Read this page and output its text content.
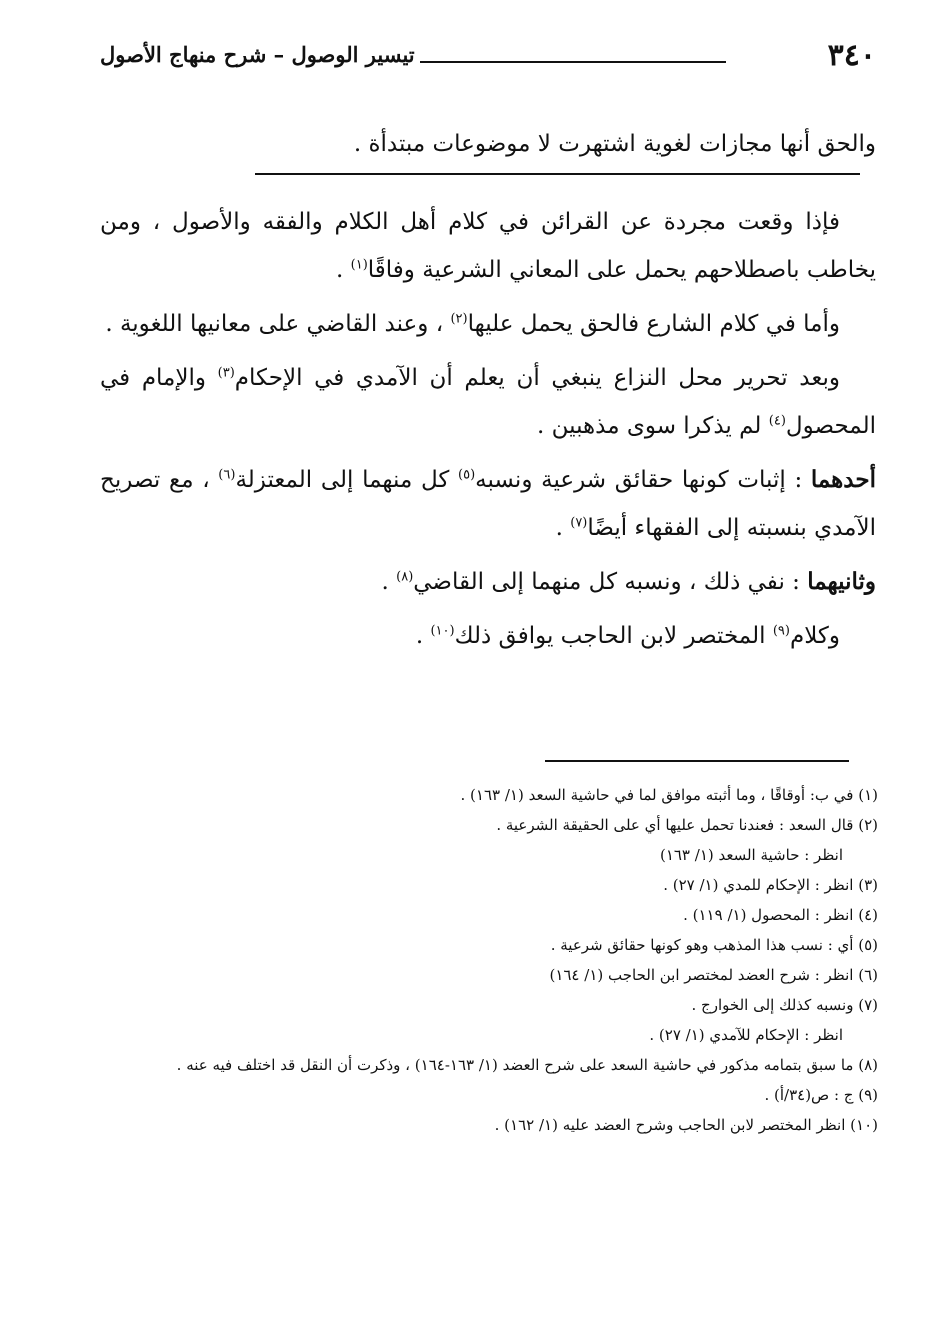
٣٤٠
تيسير الوصول – شرح منهاج الأصول

والحق أنها مجازات لغوية اشتهرت لا موضوعات مبتدأة .

فإذا وقعت مجردة عن القرائن في كلام أهل الكلام والفقه والأصول ، ومن يخاطب باصطلاحهم يحمل على المعاني الشرعية وفاقًا$^{(١)}$ .

وأما في كلام الشارع فالحق يحمل عليها$^{(٢)}$ ، وعند القاضي على معانيها اللغوية .

وبعد تحرير محل النزاع ينبغي أن يعلم أن الآمدي في الإحكام$^{(٣)}$ والإمام في المحصول$^{(٤)}$ لم يذكرا سوى مذهبين .

أحدهما : إثبات كونها حقائق شرعية ونسبه$^{(٥)}$ كل منهما إلى المعتزلة$^{(٦)}$ ، مع تصريح الآمدي بنسبته إلى الفقهاء أيضًا$^{(٧)}$ .

وثانيهما : نفي ذلك ، ونسبه كل منهما إلى القاضي$^{(٨)}$ .

وكلام$^{(٩)}$ المختصر لابن الحاجب يوافق ذلك$^{(١٠)}$ .

(١) في ب: أوقاقًا ، وما أثبته موافق لما في حاشية السعد (١/ ١٦٣) .

(٢) قال السعد : فعندنا تحمل عليها أي على الحقيقة الشرعية .

انظر : حاشية السعد (١/ ١٦٣)

(٣) انظر : الإحكام للمدي (١/ ٢٧) .

(٤) انظر : المحصول (١/ ١١٩) .

(٥) أي : نسب هذا المذهب وهو كونها حقائق شرعية .

(٦) انظر : شرح العضد لمختصر ابن الحاجب (١/ ١٦٤)

(٧) ونسبه كذلك إلى الخوارج .

انظر : الإحكام للآمدي (١/ ٢٧) .

(٨) ما سبق بتمامه مذكور في حاشية السعد على شرح العضد (١/ ١٦٣-١٦٤) ، وذكرت أن النقل قد اختلف فيه عنه .

(٩) ج : ص(٣٤/أ) .

(١٠) انظر المختصر لابن الحاجب وشرح العضد عليه (١/ ١٦٢) .
